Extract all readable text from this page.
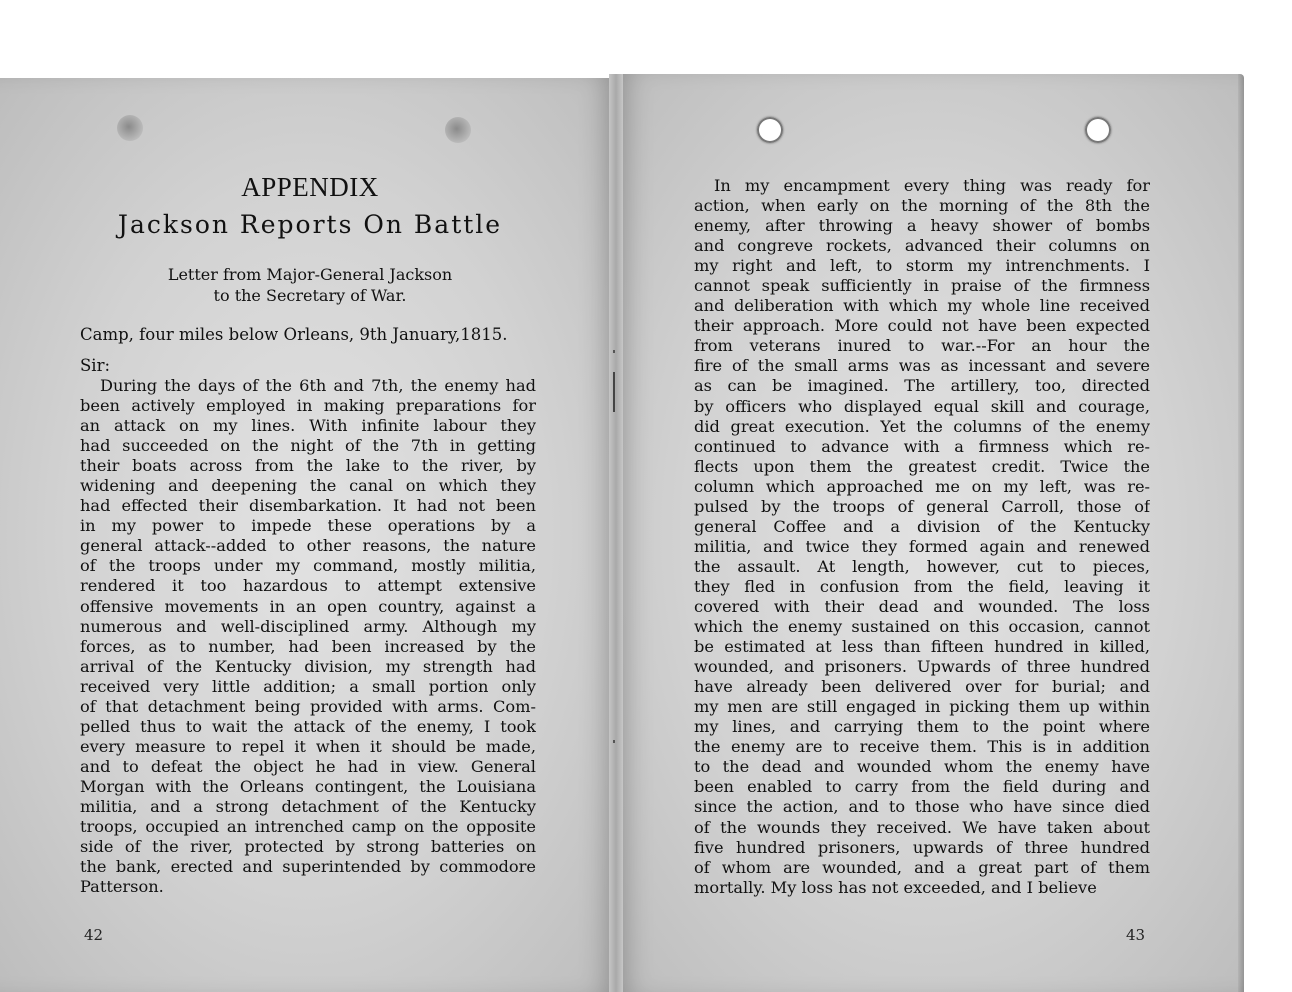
APPENDIX
Jackson Reports On Battle
Letter from Major-General Jackson
to the Secretary of War.
Camp, four miles below Orleans, 9th January,1815.
Sir:
During the days of the 6th and 7th, the enemy had
been actively employed in making preparations for
an attack on my lines. With infinite labour they
had succeeded on the night of the 7th in getting
their boats across from the lake to the river, by
widening and deepening the canal on which they
had effected their disembarkation. It had not been
in my power to impede these operations by a
general attack--added to other reasons, the nature
of the troops under my command, mostly militia,
rendered it too hazardous to attempt extensive
offensive movements in an open country, against a
numerous and well-disciplined army. Although my
forces, as to number, had been increased by the
arrival of the Kentucky division, my strength had
received very little addition; a small portion only
of that detachment being provided with arms. Com-
pelled thus to wait the attack of the enemy, I took
every measure to repel it when it should be made,
and to defeat the object he had in view. General
Morgan with the Orleans contingent, the Louisiana
militia, and a strong detachment of the Kentucky
troops, occupied an intrenched camp on the opposite
side of the river, protected by strong batteries on
the bank, erected and superintended by commodore
Patterson.
In my encampment every thing was ready for
action, when early on the morning of the 8th the
enemy, after throwing a heavy shower of bombs
and congreve rockets, advanced their columns on
my right and left, to storm my intrenchments. I
cannot speak sufficiently in praise of the firmness
and deliberation with which my whole line received
their approach. More could not have been expected
from veterans inured to war.--For an hour the
fire of the small arms was as incessant and severe
as can be imagined. The artillery, too, directed
by officers who displayed equal skill and courage,
did great execution. Yet the columns of the enemy
continued to advance with a firmness which re-
flects upon them the greatest credit. Twice the
column which approached me on my left, was re-
pulsed by the troops of general Carroll, those of
general Coffee and a division of the Kentucky
militia, and twice they formed again and renewed
the assault. At length, however, cut to pieces,
they fled in confusion from the field, leaving it
covered with their dead and wounded. The loss
which the enemy sustained on this occasion, cannot
be estimated at less than fifteen hundred in killed,
wounded, and prisoners. Upwards of three hundred
have already been delivered over for burial; and
my men are still engaged in picking them up within
my lines, and carrying them to the point where
the enemy are to receive them. This is in addition
to the dead and wounded whom the enemy have
been enabled to carry from the field during and
since the action, and to those who have since died
of the wounds they received. We have taken about
five hundred prisoners, upwards of three hundred
of whom are wounded, and a great part of them
mortally. My loss has not exceeded, and I believe
42	43
